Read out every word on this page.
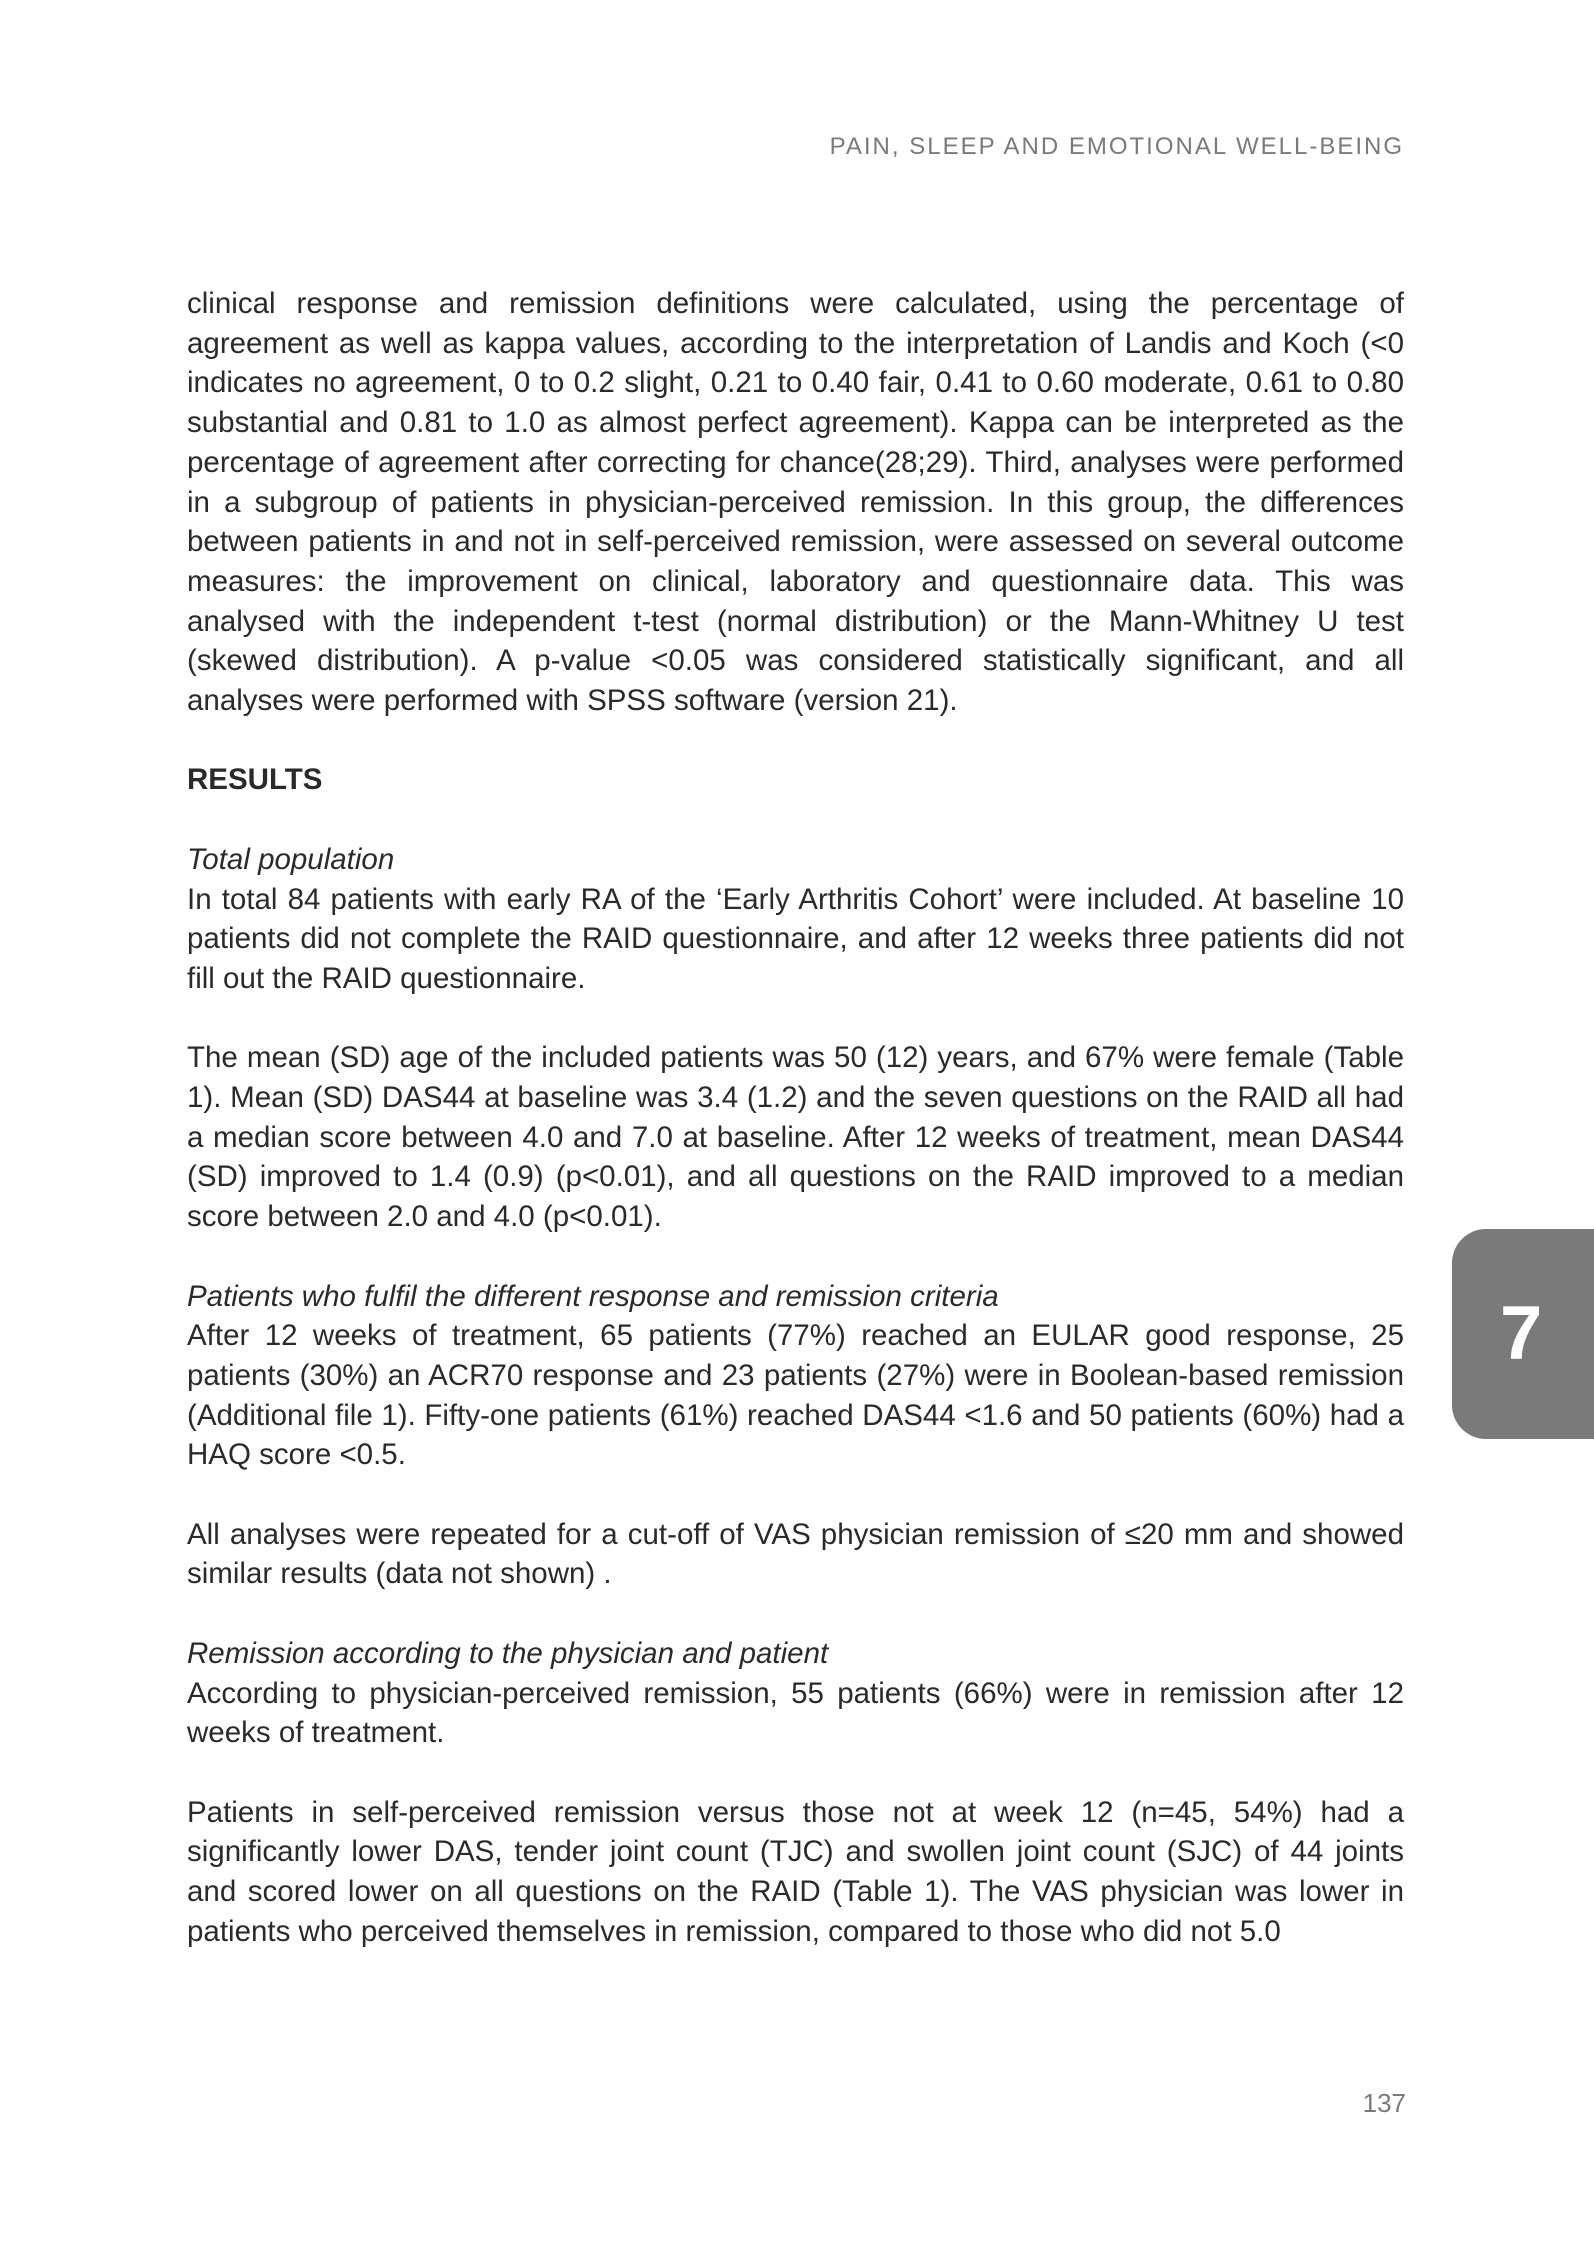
PAIN, SLEEP AND EMOTIONAL WELL-BEING

clinical response and remission definitions were calculated, using the percentage of agreement as well as kappa values, according to the interpretation of Landis and Koch (<0 indicates no agreement, 0 to 0.2 slight, 0.21 to 0.40 fair, 0.41 to 0.60 moderate, 0.61 to 0.80 substantial and 0.81 to 1.0 as almost perfect agreement). Kappa can be interpreted as the percentage of agreement after correcting for chance(28;29). Third, analyses were performed in a subgroup of patients in physician-perceived remission. In this group, the differences between patients in and not in self-perceived remission, were assessed on several outcome measures: the improvement on clinical, laboratory and questionnaire data. This was analysed with the independent t-test (normal distribution) or the Mann-Whitney U test (skewed distribution). A p-value <0.05 was considered statistically significant, and all analyses were performed with SPSS software (version 21).

RESULTS

Total population

In total 84 patients with early RA of the ‘Early Arthritis Cohort’ were included. At baseline 10 patients did not complete the RAID questionnaire, and after 12 weeks three patients did not fill out the RAID questionnaire.

The mean (SD) age of the included patients was 50 (12) years, and 67% were female (Table 1). Mean (SD) DAS44 at baseline was 3.4 (1.2) and the seven questions on the RAID all had a median score between 4.0 and 7.0 at baseline. After 12 weeks of treatment, mean DAS44 (SD) improved to 1.4 (0.9) (p<0.01), and all questions on the RAID improved to a median score between 2.0 and 4.0 (p<0.01).

Patients who fulfil the different response and remission criteria

After 12 weeks of treatment, 65 patients (77%) reached an EULAR good response, 25 patients (30%) an ACR70 response and 23 patients (27%) were in Boolean-based remission (Additional file 1). Fifty-one patients (61%) reached DAS44 <1.6 and 50 patients (60%) had a HAQ score <0.5.

All analyses were repeated for a cut-off of VAS physician remission of ≤20 mm and showed similar results (data not shown) .

Remission according to the physician and patient

According to physician-perceived remission, 55 patients (66%) were in remission after 12 weeks of treatment.

Patients in self-perceived remission versus those not at week 12 (n=45, 54%) had a significantly lower DAS, tender joint count (TJC) and swollen joint count (SJC) of 44 joints and scored lower on all questions on the RAID (Table 1). The VAS physician was lower in patients who perceived themselves in remission, compared to those who did not 5.0

7
137
